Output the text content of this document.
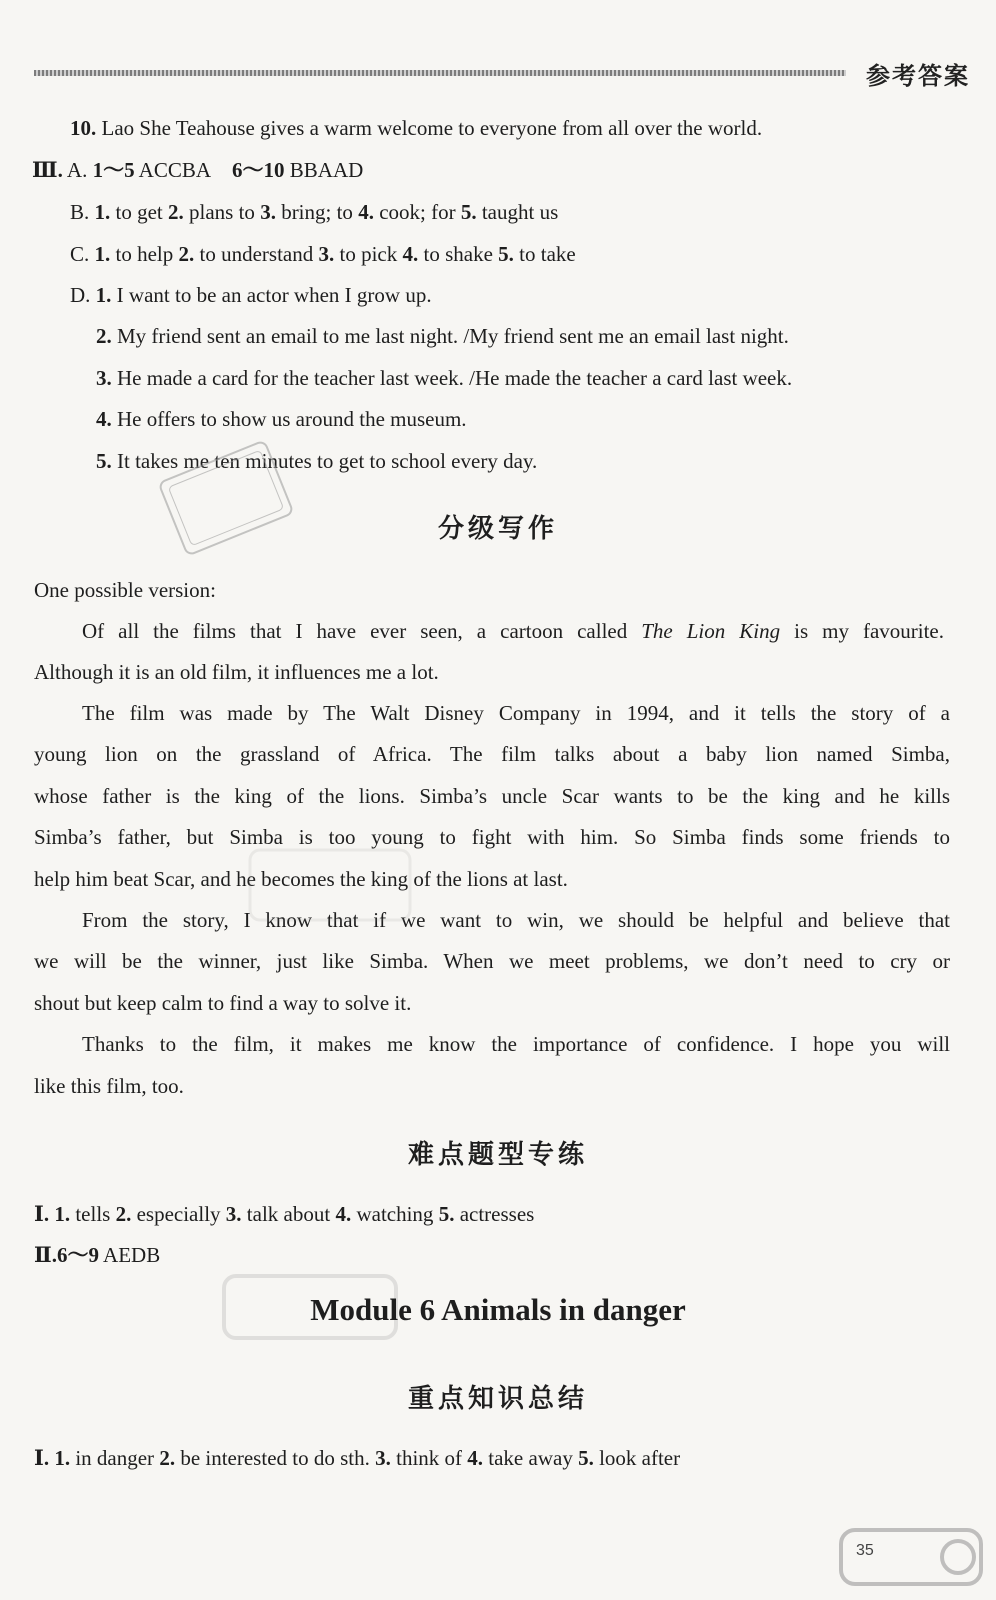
参考答案
10. Lao She Teahouse gives a warm welcome to everyone from all over the world.
Ⅲ. A. 1～5 ACCBA 6～10 BBAAD
B. 1. to get 2. plans to 3. bring; to 4. cook; for 5. taught us
C. 1. to help 2. to understand 3. to pick 4. to shake 5. to take
D. 1. I want to be an actor when I grow up.
2. My friend sent an email to me last night. /My friend sent me an email last night.
3. He made a card for the teacher last week. /He made the teacher a card last week.
4. He offers to show us around the museum.
5. It takes me ten minutes to get to school every day.
分级写作
One possible version:
Of all the films that I have ever seen, a cartoon called The Lion King is my favourite.
Although it is an old film, it influences me a lot.
The film was made by The Walt Disney Company in 1994, and it tells the story of a
young lion on the grassland of Africa. The film talks about a baby lion named Simba,
whose father is the king of the lions. Simba’s uncle Scar wants to be the king and he kills
Simba’s father, but Simba is too young to fight with him. So Simba finds some friends to
help him beat Scar, and he becomes the king of the lions at last.
From the story, I know that if we want to win, we should be helpful and believe that
we will be the winner, just like Simba. When we meet problems, we don’t need to cry or
shout but keep calm to find a way to solve it.
Thanks to the film, it makes me know the importance of confidence. I hope you will
like this film, too.
难点题型专练
Ⅰ. 1. tells 2. especially 3. talk about 4. watching 5. actresses
Ⅱ.6～9 AEDB
Module 6 Animals in danger
重点知识总结
Ⅰ. 1. in danger 2. be interested to do sth. 3. think of 4. take away 5. look after
35
